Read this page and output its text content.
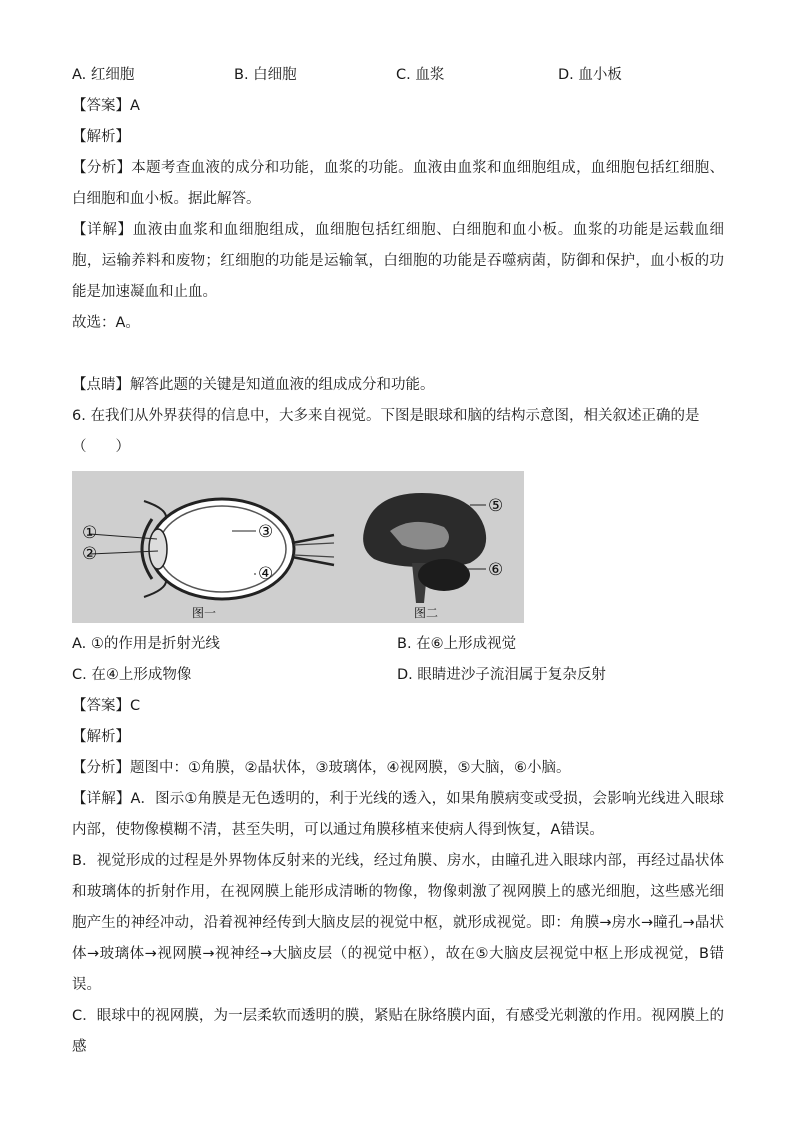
A. 红细胞	B. 白细胞	C. 血浆	D. 血小板

【答案】A

【解析】

【分析】本题考查血液的成分和功能，血浆的功能。血液由血浆和血细胞组成，血细胞包括红细胞、白细胞和血小板。据此解答。

【详解】血液由血浆和血细胞组成，血细胞包括红细胞、白细胞和血小板。血浆的功能是运载血细胞，运输养料和废物；红细胞的功能是运输氧，白细胞的功能是吞噬病菌，防御和保护，血小板的功能是加速凝血和止血。

故选：A。

【点睛】解答此题的关键是知道血液的组成成分和功能。

6. 在我们从外界获得的信息中，大多来自视觉。下图是眼球和脑的结构示意图，相关叙述正确的是

（　　）

①
②
③
④
图一
⑤
⑥
图二
A. ①的作用是折射光线	B. 在⑥上形成视觉
C. 在④上形成物像	D. 眼睛进沙子流泪属于复杂反射

【答案】C

【解析】

【分析】题图中：①角膜，②晶状体，③玻璃体，④视网膜，⑤大脑，⑥小脑。

【详解】A．图示①角膜是无色透明的，利于光线的透入，如果角膜病变或受损，会影响光线进入眼球内部，使物像模糊不清，甚至失明，可以通过角膜移植来使病人得到恢复，A错误。

B．视觉形成的过程是外界物体反射来的光线，经过角膜、房水，由瞳孔进入眼球内部，再经过晶状体和玻璃体的折射作用，在视网膜上能形成清晰的物像，物像刺激了视网膜上的感光细胞，这些感光细胞产生的神经冲动，沿着视神经传到大脑皮层的视觉中枢，就形成视觉。即：角膜→房水→瞳孔→晶状体→玻璃体→视网膜→视神经→大脑皮层（的视觉中枢），故在⑤大脑皮层视觉中枢上形成视觉，B错误。

C．眼球中的视网膜，为一层柔软而透明的膜，紧贴在脉络膜内面，有感受光刺激的作用。视网膜上的感
